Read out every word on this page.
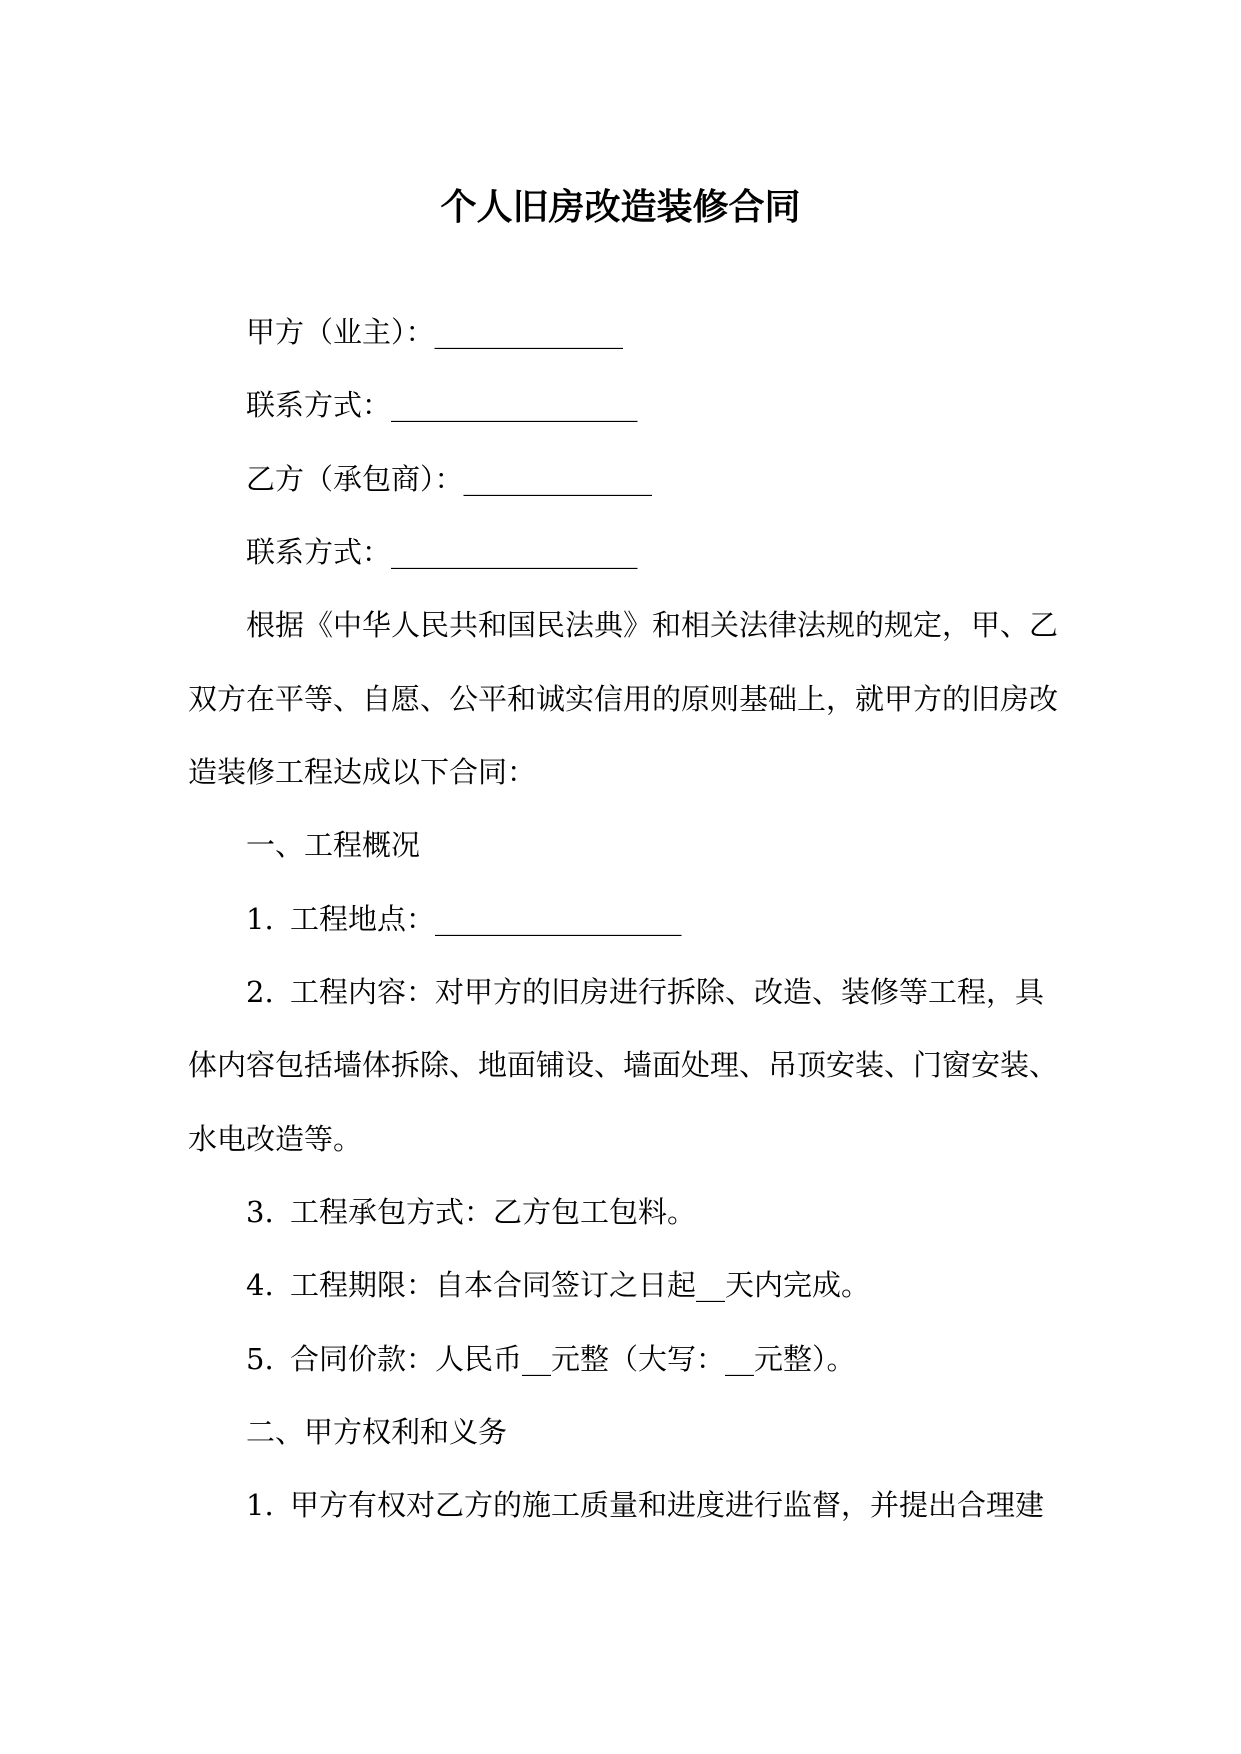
个人旧房改造装修合同
甲方（业主）：_____________
联系方式：_________________
乙方（承包商）：_____________
联系方式：_________________
根据《中华人民共和国民法典》和相关法律法规的规定，甲、乙
双方在平等、自愿、公平和诚实信用的原则基础上，就甲方的旧房改
造装修工程达成以下合同：
一、工程概况
1. 工程地点：_________________
2. 工程内容：对甲方的旧房进行拆除、改造、装修等工程，具
体内容包括墙体拆除、地面铺设、墙面处理、吊顶安装、门窗安装、
水电改造等。
3. 工程承包方式：乙方包工包料。
4. 工程期限：自本合同签订之日起__天内完成。
5. 合同价款：人民币__元整（大写：__元整）。
二、甲方权利和义务
1. 甲方有权对乙方的施工质量和进度进行监督，并提出合理建
